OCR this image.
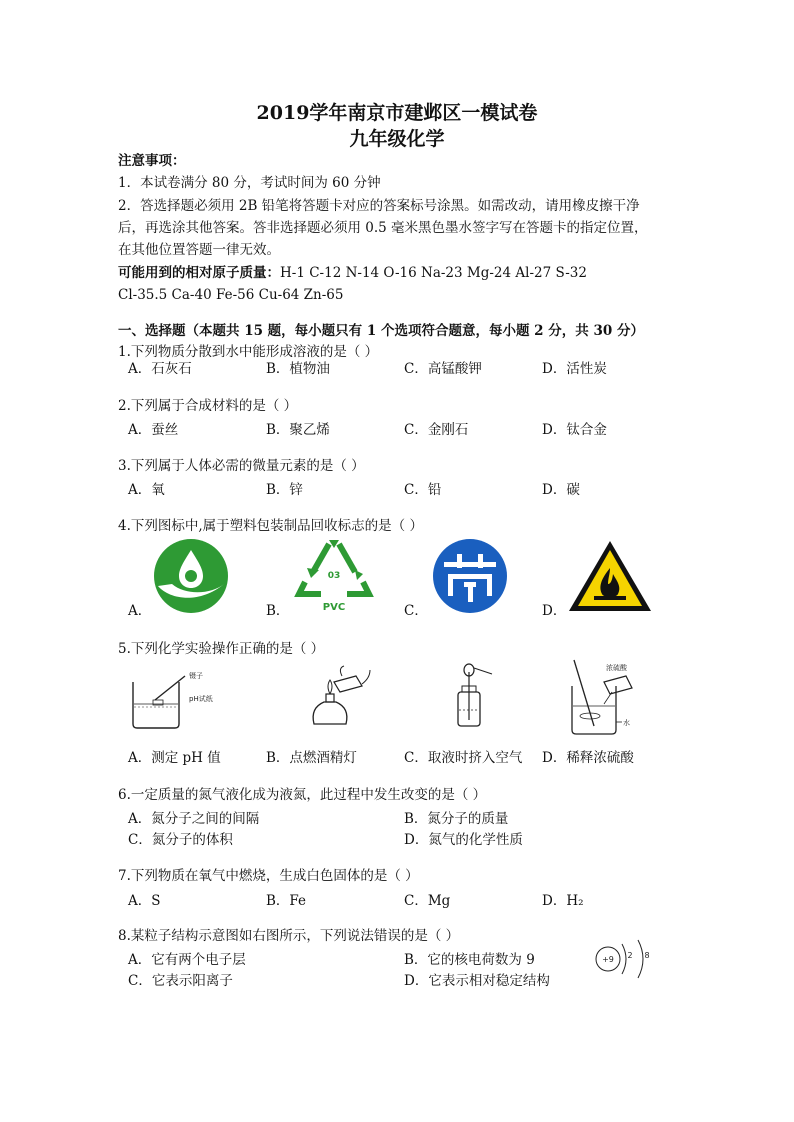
2019学年南京市建邺区一模试卷
九年级化学
注意事项：
1．本试卷满分 80 分，考试时间为 60 分钟
2．答选择题必须用 2B 铅笔将答题卡对应的答案标号涂黑。如需改动，请用橡皮擦干净
后，再选涂其他答案。答非选择题必须用 0.5 毫米黑色墨水签字写在答题卡的指定位置，
在其他位置答题一律无效。
可能用到的相对原子质量：H-1 C-12 N-14 O-16 Na-23 Mg-24 Al-27 S-32
Cl-35.5 Ca-40 Fe-56 Cu-64 Zn-65
一、选择题（本题共 15 题，每小题只有 1 个选项符合题意，每小题 2 分，共 30 分）
1.下列物质分散到水中能形成溶液的是（ ）
A．石灰石	B．植物油	C．高锰酸钾	D．活性炭
2.下列属于合成材料的是（ ）
A．蚕丝	B．聚乙烯	C．金刚石	D．钛合金
3.下列属于人体必需的微量元素的是（ ）
A．氧	B．锌	C．铅	D．碳
4.下列图标中,属于塑料包装制品回收标志的是（ ）
A．
03
PVC
B．	C．	D．
5.下列化学实验操作正确的是（ ）
镊子
pH试纸
A．测定 pH 值	B．点燃酒精灯	C．取液时挤入空气
浓硫酸
水
D．稀释浓硫酸
6.一定质量的氮气液化成为液氮，此过程中发生改变的是（ ）
A．氮分子之间的间隔	B．氮分子的质量
C．氮分子的体积	D．氮气的化学性质
7.下列物质在氧气中燃烧，生成白色固体的是（ ）
A．S	B．Fe	C．Mg	D．H₂
8.某粒子结构示意图如右图所示，下列说法错误的是（ ）
A．它有两个电子层	B．它的核电荷数为 9
C．它表示阳离子	D．它表示相对稳定结构
+9 2 8
